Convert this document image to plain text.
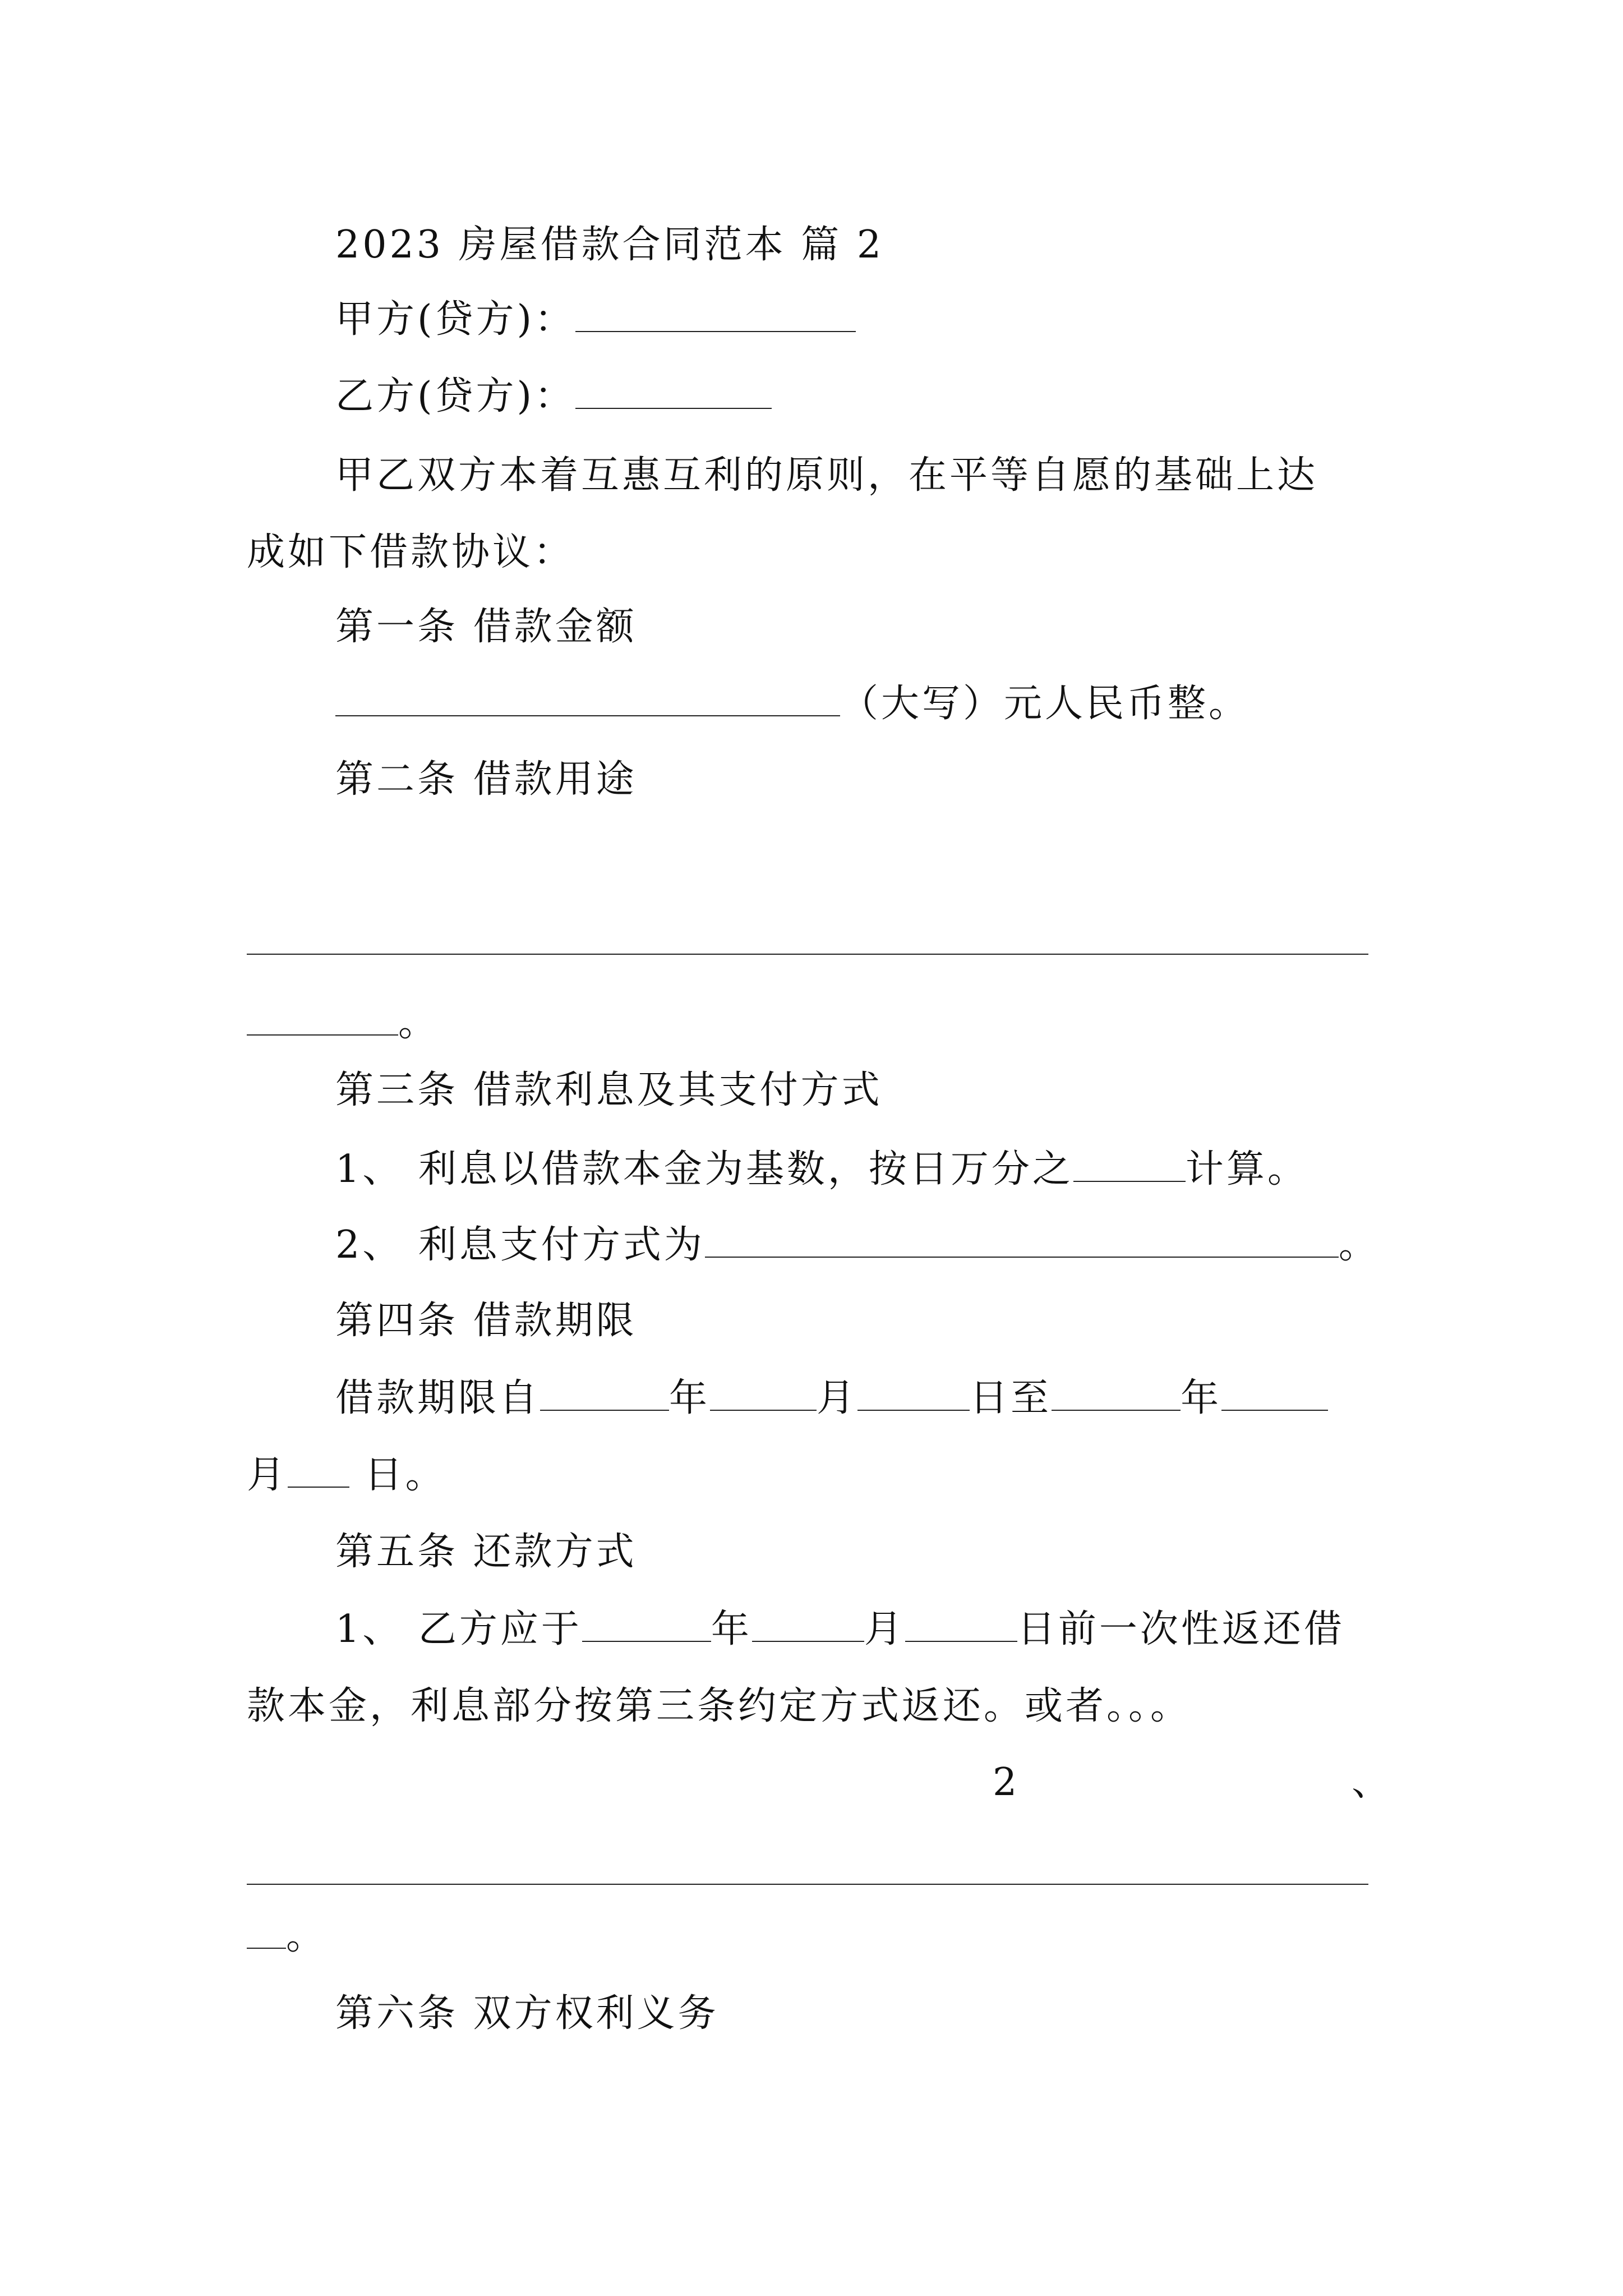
2023 房屋借款合同范本 篇 2
甲方(贷方)：
乙方(贷方)：
甲乙双方本着互惠互利的原则，在平等自愿的基础上达
成如下借款协议：
第一条 借款金额
（大写）元人民币整。
第二条 借款用途
。
第三条 借款利息及其支付方式
1、 利息以借款本金为基数，按日万分之	计算。
2、 利息支付方式为	。
第四条 借款期限
借款期限自	年	月	日至	年
月 日。
第五条 还款方式
1、 乙方应于	年	月	日前一次性返还借
款本金，利息部分按第三条约定方式返还。或者。。。
2	、
。
第六条 双方权利义务
